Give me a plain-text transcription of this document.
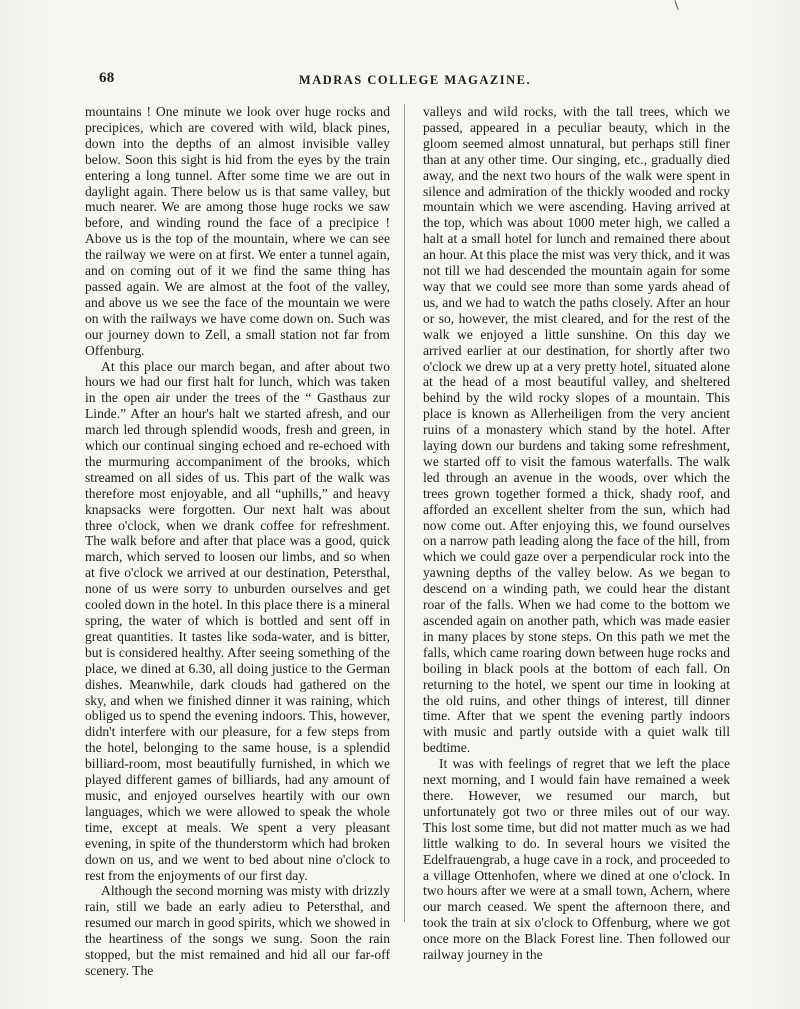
68	MADRAS COLLEGE MAGAZINE.

mountains ! One minute we look over huge rocks and precipices, which are covered with wild, black pines, down into the depths of an almost invisible valley below. Soon this sight is hid from the eyes by the train entering a long tunnel. After some time we are out in daylight again. There below us is that same valley, but much nearer. We are among those huge rocks we saw before, and winding round the face of a precipice ! Above us is the top of the mountain, where we can see the railway we were on at first. We enter a tunnel again, and on coming out of it we find the same thing has passed again. We are almost at the foot of the valley, and above us we see the face of the mountain we were on with the railways we have come down on. Such was our journey down to Zell, a small station not far from Offenburg.

At this place our march began, and after about two hours we had our first halt for lunch, which was taken in the open air under the trees of the “ Gasthaus zur Linde.” After an hour's halt we started afresh, and our march led through splendid woods, fresh and green, in which our continual singing echoed and re-echoed with the murmuring accompaniment of the brooks, which streamed on all sides of us. This part of the walk was therefore most enjoyable, and all “uphills,” and heavy knapsacks were forgotten. Our next halt was about three o'clock, when we drank coffee for refreshment. The walk before and after that place was a good, quick march, which served to loosen our limbs, and so when at five o'clock we arrived at our destination, Petersthal, none of us were sorry to unburden ourselves and get cooled down in the hotel. In this place there is a mineral spring, the water of which is bottled and sent off in great quantities. It tastes like soda-water, and is bitter, but is considered healthy. After seeing something of the place, we dined at 6.30, all doing justice to the German dishes. Meanwhile, dark clouds had gathered on the sky, and when we finished dinner it was raining, which obliged us to spend the evening indoors. This, however, didn't interfere with our pleasure, for a few steps from the hotel, belonging to the same house, is a splendid billiard-room, most beautifully furnished, in which we played different games of billiards, had any amount of music, and enjoyed ourselves heartily with our own languages, which we were allowed to speak the whole time, except at meals. We spent a very pleasant evening, in spite of the thunderstorm which had broken down on us, and we went to bed about nine o'clock to rest from the enjoyments of our first day.

Although the second morning was misty with drizzly rain, still we bade an early adieu to Petersthal, and resumed our march in good spirits, which we showed in the heartiness of the songs we sung. Soon the rain stopped, but the mist remained and hid all our far-off scenery. The

valleys and wild rocks, with the tall trees, which we passed, appeared in a peculiar beauty, which in the gloom seemed almost unnatural, but perhaps still finer than at any other time. Our singing, etc., gradually died away, and the next two hours of the walk were spent in silence and admiration of the thickly wooded and rocky mountain which we were ascending. Having arrived at the top, which was about 1000 meter high, we called a halt at a small hotel for lunch and remained there about an hour. At this place the mist was very thick, and it was not till we had descended the mountain again for some way that we could see more than some yards ahead of us, and we had to watch the paths closely. After an hour or so, however, the mist cleared, and for the rest of the walk we enjoyed a little sunshine. On this day we arrived earlier at our destination, for shortly after two o'clock we drew up at a very pretty hotel, situated alone at the head of a most beautiful valley, and sheltered behind by the wild rocky slopes of a mountain. This place is known as Allerheiligen from the very ancient ruins of a monastery which stand by the hotel. After laying down our burdens and taking some refreshment, we started off to visit the famous waterfalls. The walk led through an avenue in the woods, over which the trees grown together formed a thick, shady roof, and afforded an excellent shelter from the sun, which had now come out. After enjoying this, we found ourselves on a narrow path leading along the face of the hill, from which we could gaze over a perpendicular rock into the yawning depths of the valley below. As we began to descend on a winding path, we could hear the distant roar of the falls. When we had come to the bottom we ascended again on another path, which was made easier in many places by stone steps. On this path we met the falls, which came roaring down between huge rocks and boiling in black pools at the bottom of each fall. On returning to the hotel, we spent our time in looking at the old ruins, and other things of interest, till dinner time. After that we spent the evening partly indoors with music and partly outside with a quiet walk till bedtime.

It was with feelings of regret that we left the place next morning, and I would fain have remained a week there. However, we resumed our march, but unfortunately got two or three miles out of our way. This lost some time, but did not matter much as we had little walking to do. In several hours we visited the Edelfrauengrab, a huge cave in a rock, and proceeded to a village Ottenhofen, where we dined at one o'clock. In two hours after we were at a small town, Achern, where our march ceased. We spent the afternoon there, and took the train at six o'clock to Offenburg, where we got once more on the Black Forest line. Then followed our railway journey in the
